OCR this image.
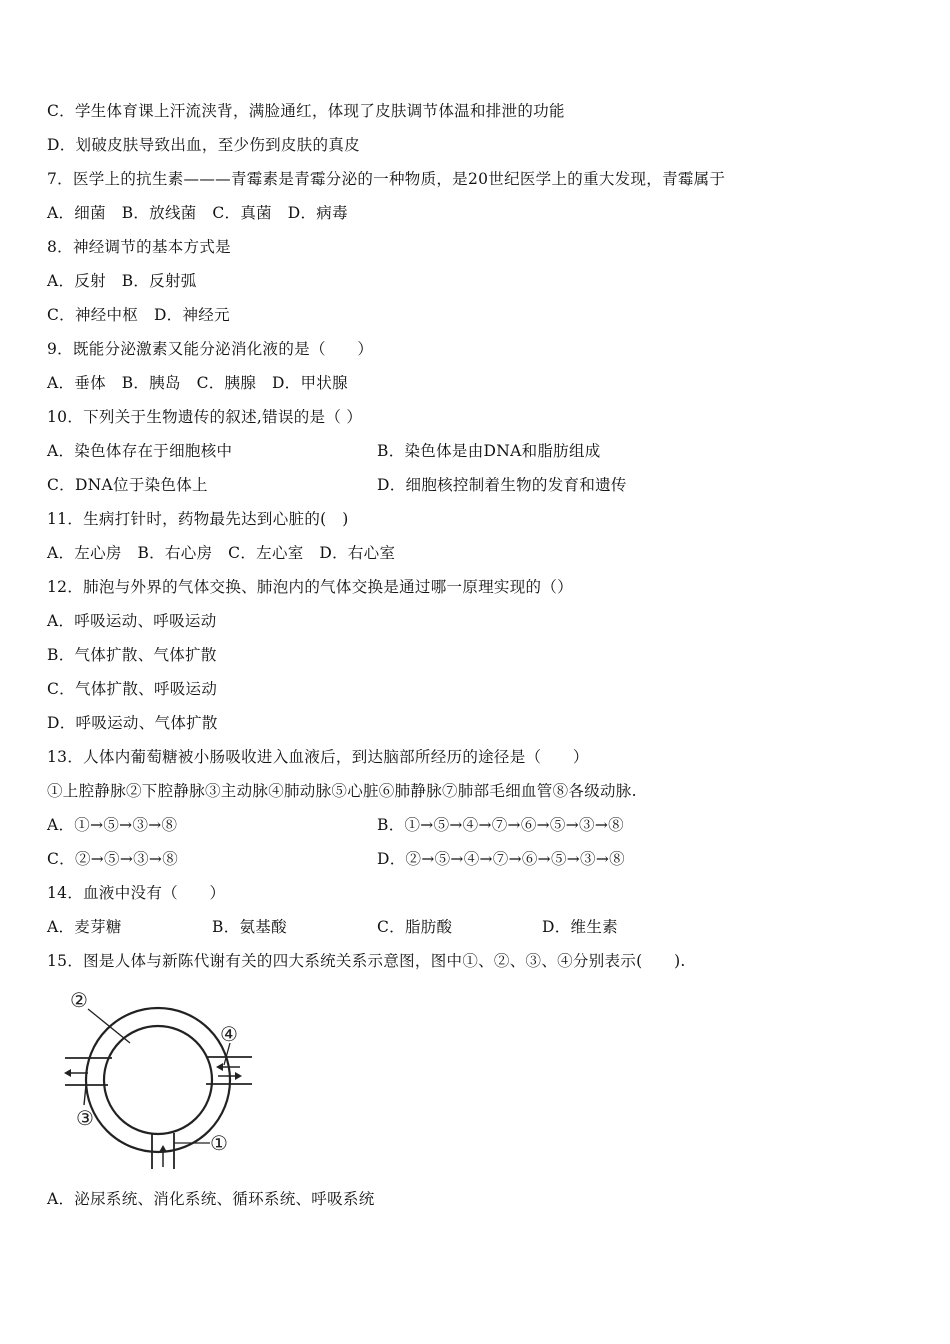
C．学生体育课上汗流浃背，满脸通红，体现了皮肤调节体温和排泄的功能
D．划破皮肤导致出血，至少伤到皮肤的真皮
7．医学上的抗生素———青霉素是青霉分泌的一种物质，是20世纪医学上的重大发现，青霉属于
A．细菌　B．放线菌　C．真菌　D．病毒
8．神经调节的基本方式是
A．反射　B．反射弧
C．神经中枢　D．神经元
9．既能分泌激素又能分泌消化液的是（　　）
A．垂体　B．胰岛　C．胰腺　D．甲状腺
10．下列关于生物遗传的叙述,错误的是（ ）
A．染色体存在于细胞核中	B．染色体是由DNA和脂肪组成
C．DNA位于染色体上	D．细胞核控制着生物的发育和遗传
11．生病打针时，药物最先达到心脏的(　)
A．左心房　B．右心房　C．左心室　D．右心室
12．肺泡与外界的气体交换、肺泡内的气体交换是通过哪一原理实现的（）
A．呼吸运动、呼吸运动
B．气体扩散、气体扩散
C．气体扩散、呼吸运动
D．呼吸运动、气体扩散
13．人体内葡萄糖被小肠吸收进入血液后，到达脑部所经历的途径是（　　）
①上腔静脉②下腔静脉③主动脉④肺动脉⑤心脏⑥肺静脉⑦肺部毛细血管⑧各级动脉.
A．①→⑤→③→⑧	B．①→⑤→④→⑦→⑥→⑤→③→⑧
C．②→⑤→③→⑧	D．②→⑤→④→⑦→⑥→⑤→③→⑧
14．血液中没有（　　）
A．麦芽糖	B．氨基酸	C．脂肪酸	D．维生素
15．图是人体与新陈代谢有关的四大系统关系示意图，图中①、②、③、④分别表示(　　).
②
④
③
①
A．泌尿系统、消化系统、循环系统、呼吸系统
